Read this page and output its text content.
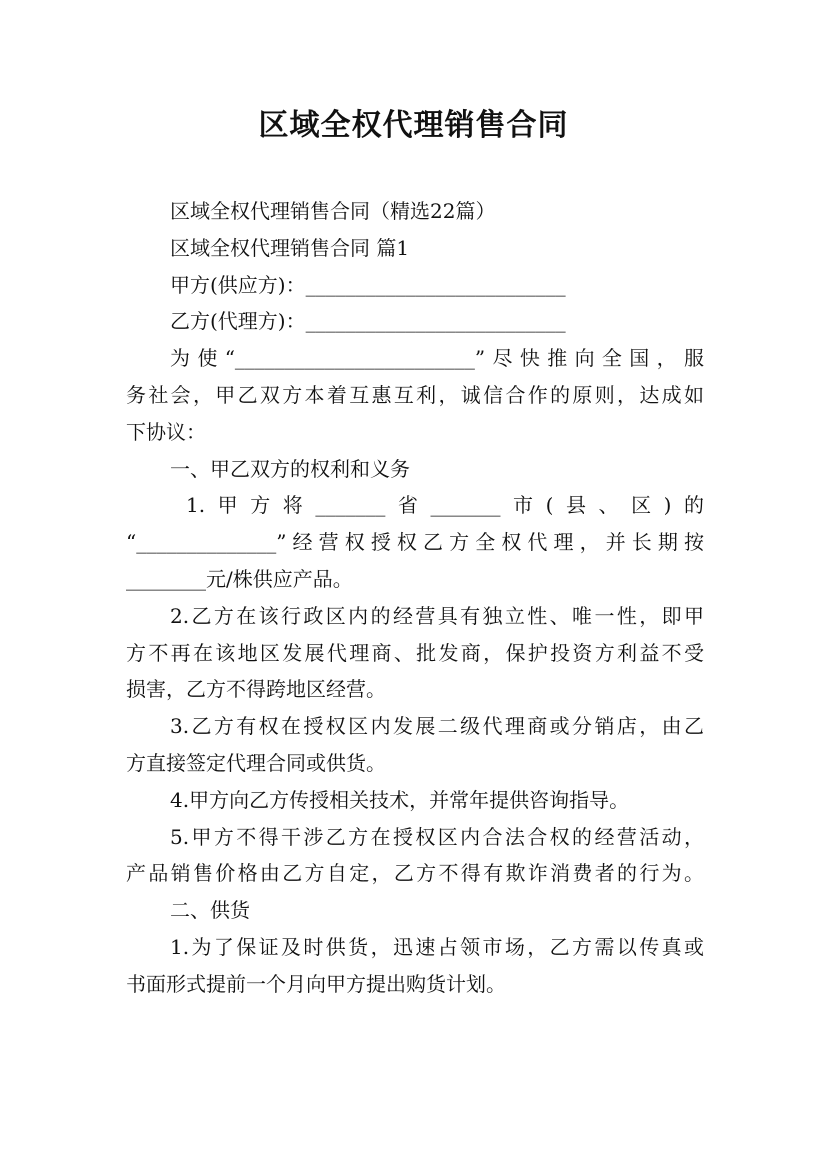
区域全权代理销售合同
区域全权代理销售合同（精选22篇）
区域全权代理销售合同 篇1
甲方(供应方)：__________________________
乙方(代理方)：__________________________
为使“________________________”尽快推向全国，服
务社会，甲乙双方本着互惠互利，诚信合作的原则，达成如
下协议：
一、甲乙双方的权利和义务
1.甲方将_______省_______市(县、区)的
“______________”经营权授权乙方全权代理，并长期按
________元/株供应产品。
2.乙方在该行政区内的经营具有独立性、唯一性，即甲
方不再在该地区发展代理商、批发商，保护投资方利益不受
损害，乙方不得跨地区经营。
3.乙方有权在授权区内发展二级代理商或分销店，由乙
方直接签定代理合同或供货。
4.甲方向乙方传授相关技术，并常年提供咨询指导。
5.甲方不得干涉乙方在授权区内合法合权的经营活动，
产品销售价格由乙方自定，乙方不得有欺诈消费者的行为。
二、供货
1.为了保证及时供货，迅速占领市场，乙方需以传真或
书面形式提前一个月向甲方提出购货计划。
